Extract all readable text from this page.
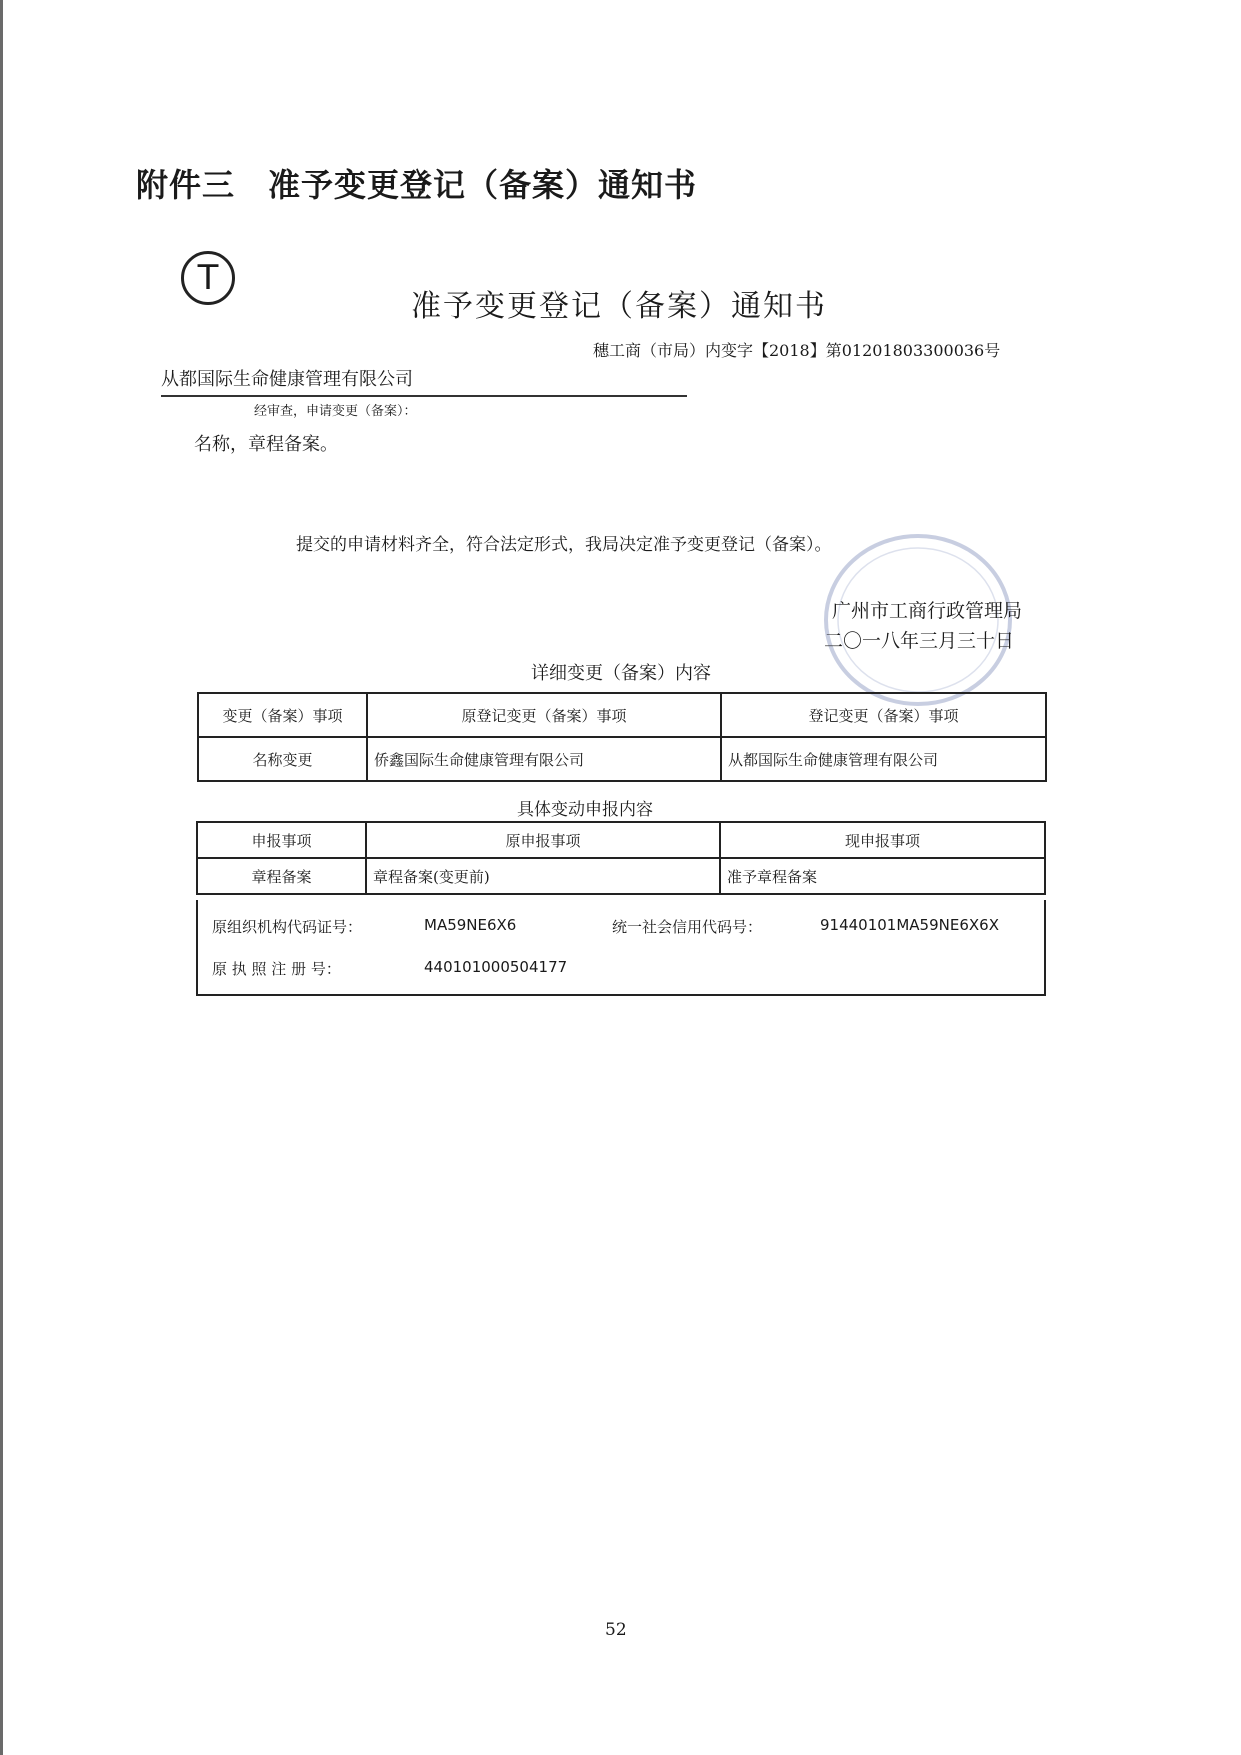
附件三　准予变更登记（备案）通知书
T
准予变更登记（备案）通知书
穗工商（市局）内变字【2018】第01201803300036号
从都国际生命健康管理有限公司
经审查，申请变更（备案）：
名称，章程备案。
提交的申请材料齐全，符合法定形式，我局决定准予变更登记（备案）。
广州市工商行政管理局
二〇一八年三月三十日
详细变更（备案）内容
变更（备案）事项	原登记变更（备案）事项	登记变更（备案）事项
名称变更	侨鑫国际生命健康管理有限公司	从都国际生命健康管理有限公司
具体变动申报内容
申报事项	原申报事项	现申报事项
章程备案	章程备案(变更前)	准予章程备案
原组织机构代码证号：	MA59NE6X6	统一社会信用代码号：	91440101MA59NE6X6X
原 执 照 注 册 号：	440101000504177
52
